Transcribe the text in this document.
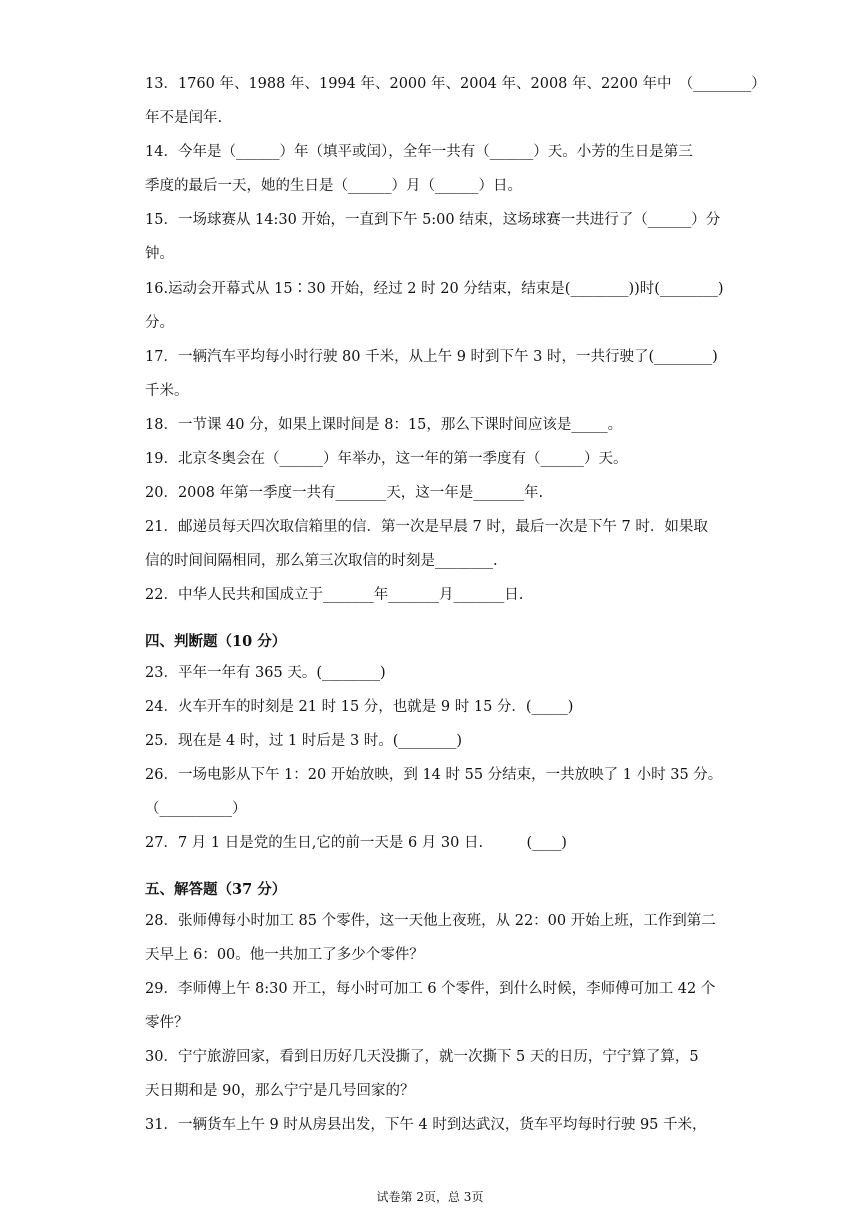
13．1760 年、1988 年、1994 年、2000 年、2004 年、2008 年、2200 年中　（________）
年不是闰年.
14．今年是（______）年（填平或闰），全年一共有（______）天。小芳的生日是第三
季度的最后一天，她的生日是（______）月（______）日。
15．一场球赛从 14:30 开始，一直到下午 5:00 结束，这场球赛一共进行了（______）分
钟。
16.运动会开幕式从 15∶30 开始，经过 2 时 20 分结束，结束是(________))时(________)
分。
17．一辆汽车平均每小时行驶 80 千米，从上午 9 时到下午 3 时，一共行驶了(________)
千米。
18．一节课 40 分，如果上课时间是 8：15，那么下课时间应该是_____。
19．北京冬奥会在（______）年举办，这一年的第一季度有（______）天。
20．2008 年第一季度一共有_______天，这一年是_______年.
21．邮递员每天四次取信箱里的信．第一次是早晨 7 时，最后一次是下午 7 时．如果取
信的时间间隔相同，那么第三次取信的时刻是________.
22．中华人民共和国成立于_______年_______月_______日.
四、判断题（10 分）
23．平年一年有 365 天。(________)
24．火车开车的时刻是 21 时 15 分，也就是 9 时 15 分．(_____)
25．现在是 4 时，过 1 时后是 3 时。(________)
26．一场电影从下午 1：20 开始放映，到 14 时 55 分结束，一共放映了 1 小时 35 分。
（__________）
27．7 月 1 日是党的生日,它的前一天是 6 月 30 日.　　　(____)
五、解答题（37 分）
28．张师傅每小时加工 85 个零件，这一天他上夜班，从 22：00 开始上班，工作到第二
天早上 6：00。他一共加工了多少个零件？
29．李师傅上午 8:30 开工，每小时可加工 6 个零件，到什么时候，李师傅可加工 42 个
零件？
30．宁宁旅游回家，看到日历好几天没撕了，就一次撕下 5 天的日历，宁宁算了算，5
天日期和是 90，那么宁宁是几号回家的？
31．一辆货车上午 9 时从房县出发，下午 4 时到达武汉，货车平均每时行驶 95 千米，
试卷第 2页，总 3页
